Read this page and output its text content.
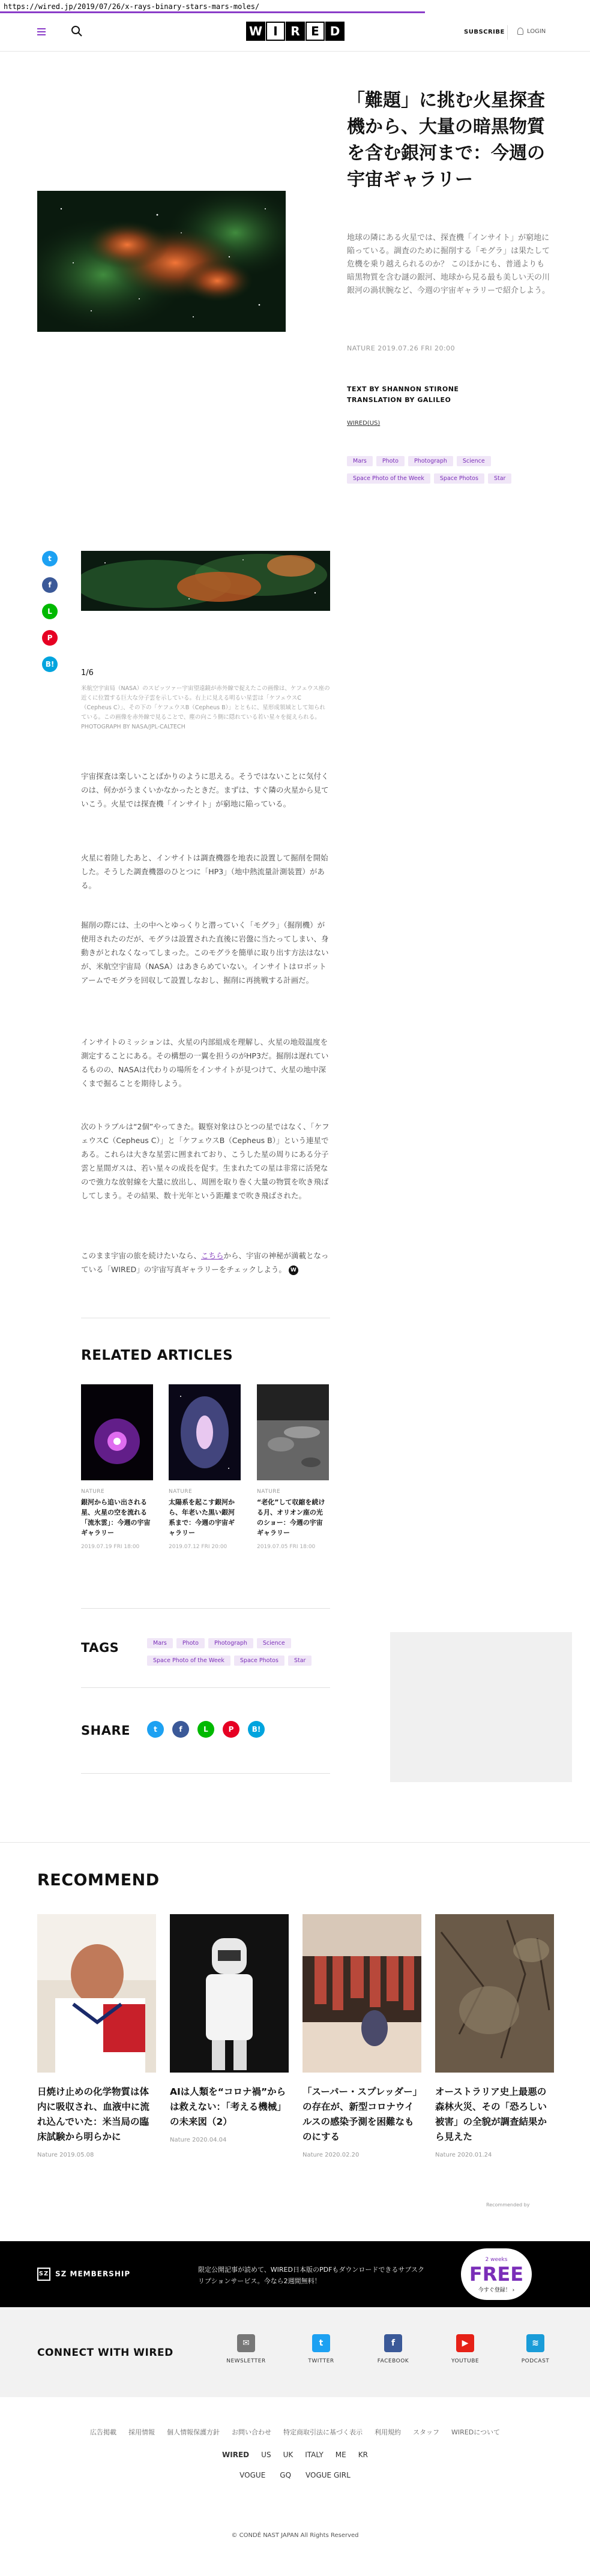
https://wired.jp/2019/07/26/x-rays-binary-stars-mars-moles/
W I	R E D	SUBSCRIBE	LOGIN
「難題」に挑む火星探査機から、大量の暗黒物質を含む銀河まで：今週の宇宙ギャラリー
地球の隣にある火星では、探査機「インサイト」が窮地に陥っている。調査のために掘削する「モグラ」は果たして危機を乗り越えられるのか？ このほかにも、普通よりも暗黒物質を含む謎の銀河、地球から見る最も美しい天の川銀河の渦状腕など、今週の宇宙ギャラリーで紹介しよう。
NATURE 2019.07.26 FRI 20:00
TEXT BY SHANNON STIRONE
TRANSLATION BY GALILEO
WIRED(US)
Mars	Photo	Photograph	ScienceSpace Photo of the Week	Space Photos	Star
t
f
L
P
B!
1/6
米航空宇宙局（NASA）のスピッツァー宇宙望遠鏡が赤外線で捉えたこの画像は、ケフェウス座の近くに位置する巨大な分子雲を示している。右上に見える明るい星雲は「ケフェウスC（Cepheus C）」、その下の「ケフェウスB（Cepheus B）」とともに、星形成領域として知られている。この画像を赤外線で見ることで、塵の向こう側に隠れている若い星々を捉えられる。PHOTOGRAPH BY NASA/JPL-CALTECH

宇宙探査は楽しいことばかりのように思える。そうではないことに気付くのは、何かがうまくいかなかったときだ。まずは、すぐ隣の火星から見ていこう。火星では探査機「インサイト」が窮地に陥っている。

火星に着陸したあと、インサイトは調査機器を地表に設置して掘削を開始した。そうした調査機器のひとつに「HP3」（地中熱流量計測装置）がある。

掘削の際には、土の中へとゆっくりと潜っていく「モグラ」（掘削機）が使用されたのだが、モグラは設置された直後に岩盤に当たってしまい、身動きがとれなくなってしまった。このモグラを簡単に取り出す方法はないが、米航空宇宙局（NASA）はあきらめていない。インサイトはロボットアームでモグラを回収して設置しなおし、掘削に再挑戦する計画だ。

インサイトのミッションは、火星の内部組成を理解し、火星の地殻温度を測定することにある。その構想の一翼を担うのがHP3だ。掘削は遅れているものの、NASAは代わりの場所をインサイトが見つけて、火星の地中深くまで掘ることを期待しよう。

次のトラブルは“2個”やってきた。観察対象はひとつの星ではなく、「ケフェウスC（Cepheus C）」と「ケフェウスB（Cepheus B）」という連星である。これらは大きな星雲に囲まれており、こうした星の周りにある分子雲と星間ガスは、若い星々の成長を促す。生まれたての星は非常に活発なので強力な放射線を大量に放出し、周囲を取り巻く大量の物質を吹き飛ばしてしまう。その結果、数十光年という距離まで吹き飛ばされた。

このまま宇宙の旅を続けたいなら、こちらから、宇宙の神秘が満載となっている「WIRED」の宇宙写真ギャラリーをチェックしよう。 W

RELATED ARTICLES
NATURE
銀河から追い出される星、火星の空を流れる「流氷雲」：今週の宇宙ギャラリー
2019.07.19 FRI 18:00
NATURE
太陽系を起こす銀河から、年老いた黒い銀河系まで：今週の宇宙ギャラリー
2019.07.12 FRI 20:00
NATURE
“老化”して収縮を続ける月、オリオン座の光のショー：今週の宇宙ギャラリー
2019.07.05 FRI 18:00
TAGS	Mars	Photo	Photograph	ScienceSpace Photo of the Week	Space Photos	Star
SHARE	t	f	L	P	B!
RECOMMEND
日焼け止めの化学物質は体内に吸収され、血液中に流れ込んでいた：米当局の臨床試験から明らかに
Nature 2019.05.08
AIは人類を“コロナ禍”からは救えない：「考える機械」の未来図（2）
Nature 2020.04.04
「スーパー・スプレッダー」の存在が、新型コロナウイルスの感染予測を困難なものにする
Nature 2020.02.20
オーストラリア史上最悪の森林火災、その「恐ろしい被害」の全貌が調査結果から見えた
Nature 2020.01.24
Recommended by
SZ SZ MEMBERSHIP	限定公開記事が読めて、WIRED日本版のPDFもダウンロードできるサブスクリプションサービス。今なら2週間無料！
2 weeks
FREE
今すぐ登録！ ›
CONNECT WITH WIRED
✉
NEWSLETTER
t
TWITTER
f
FACEBOOK
▶
YOUTUBE
≋
PODCAST
広告掲載 採用情報 個人情報保護方針 お問い合わせ 特定商取引法に基づく表示 利用規約 スタッフ WIREDについて
WIRED US UK ITALY ME KR
VOGUE GQ VOGUE GIRL
© CONDÉ NAST JAPAN All Rights Reserved
